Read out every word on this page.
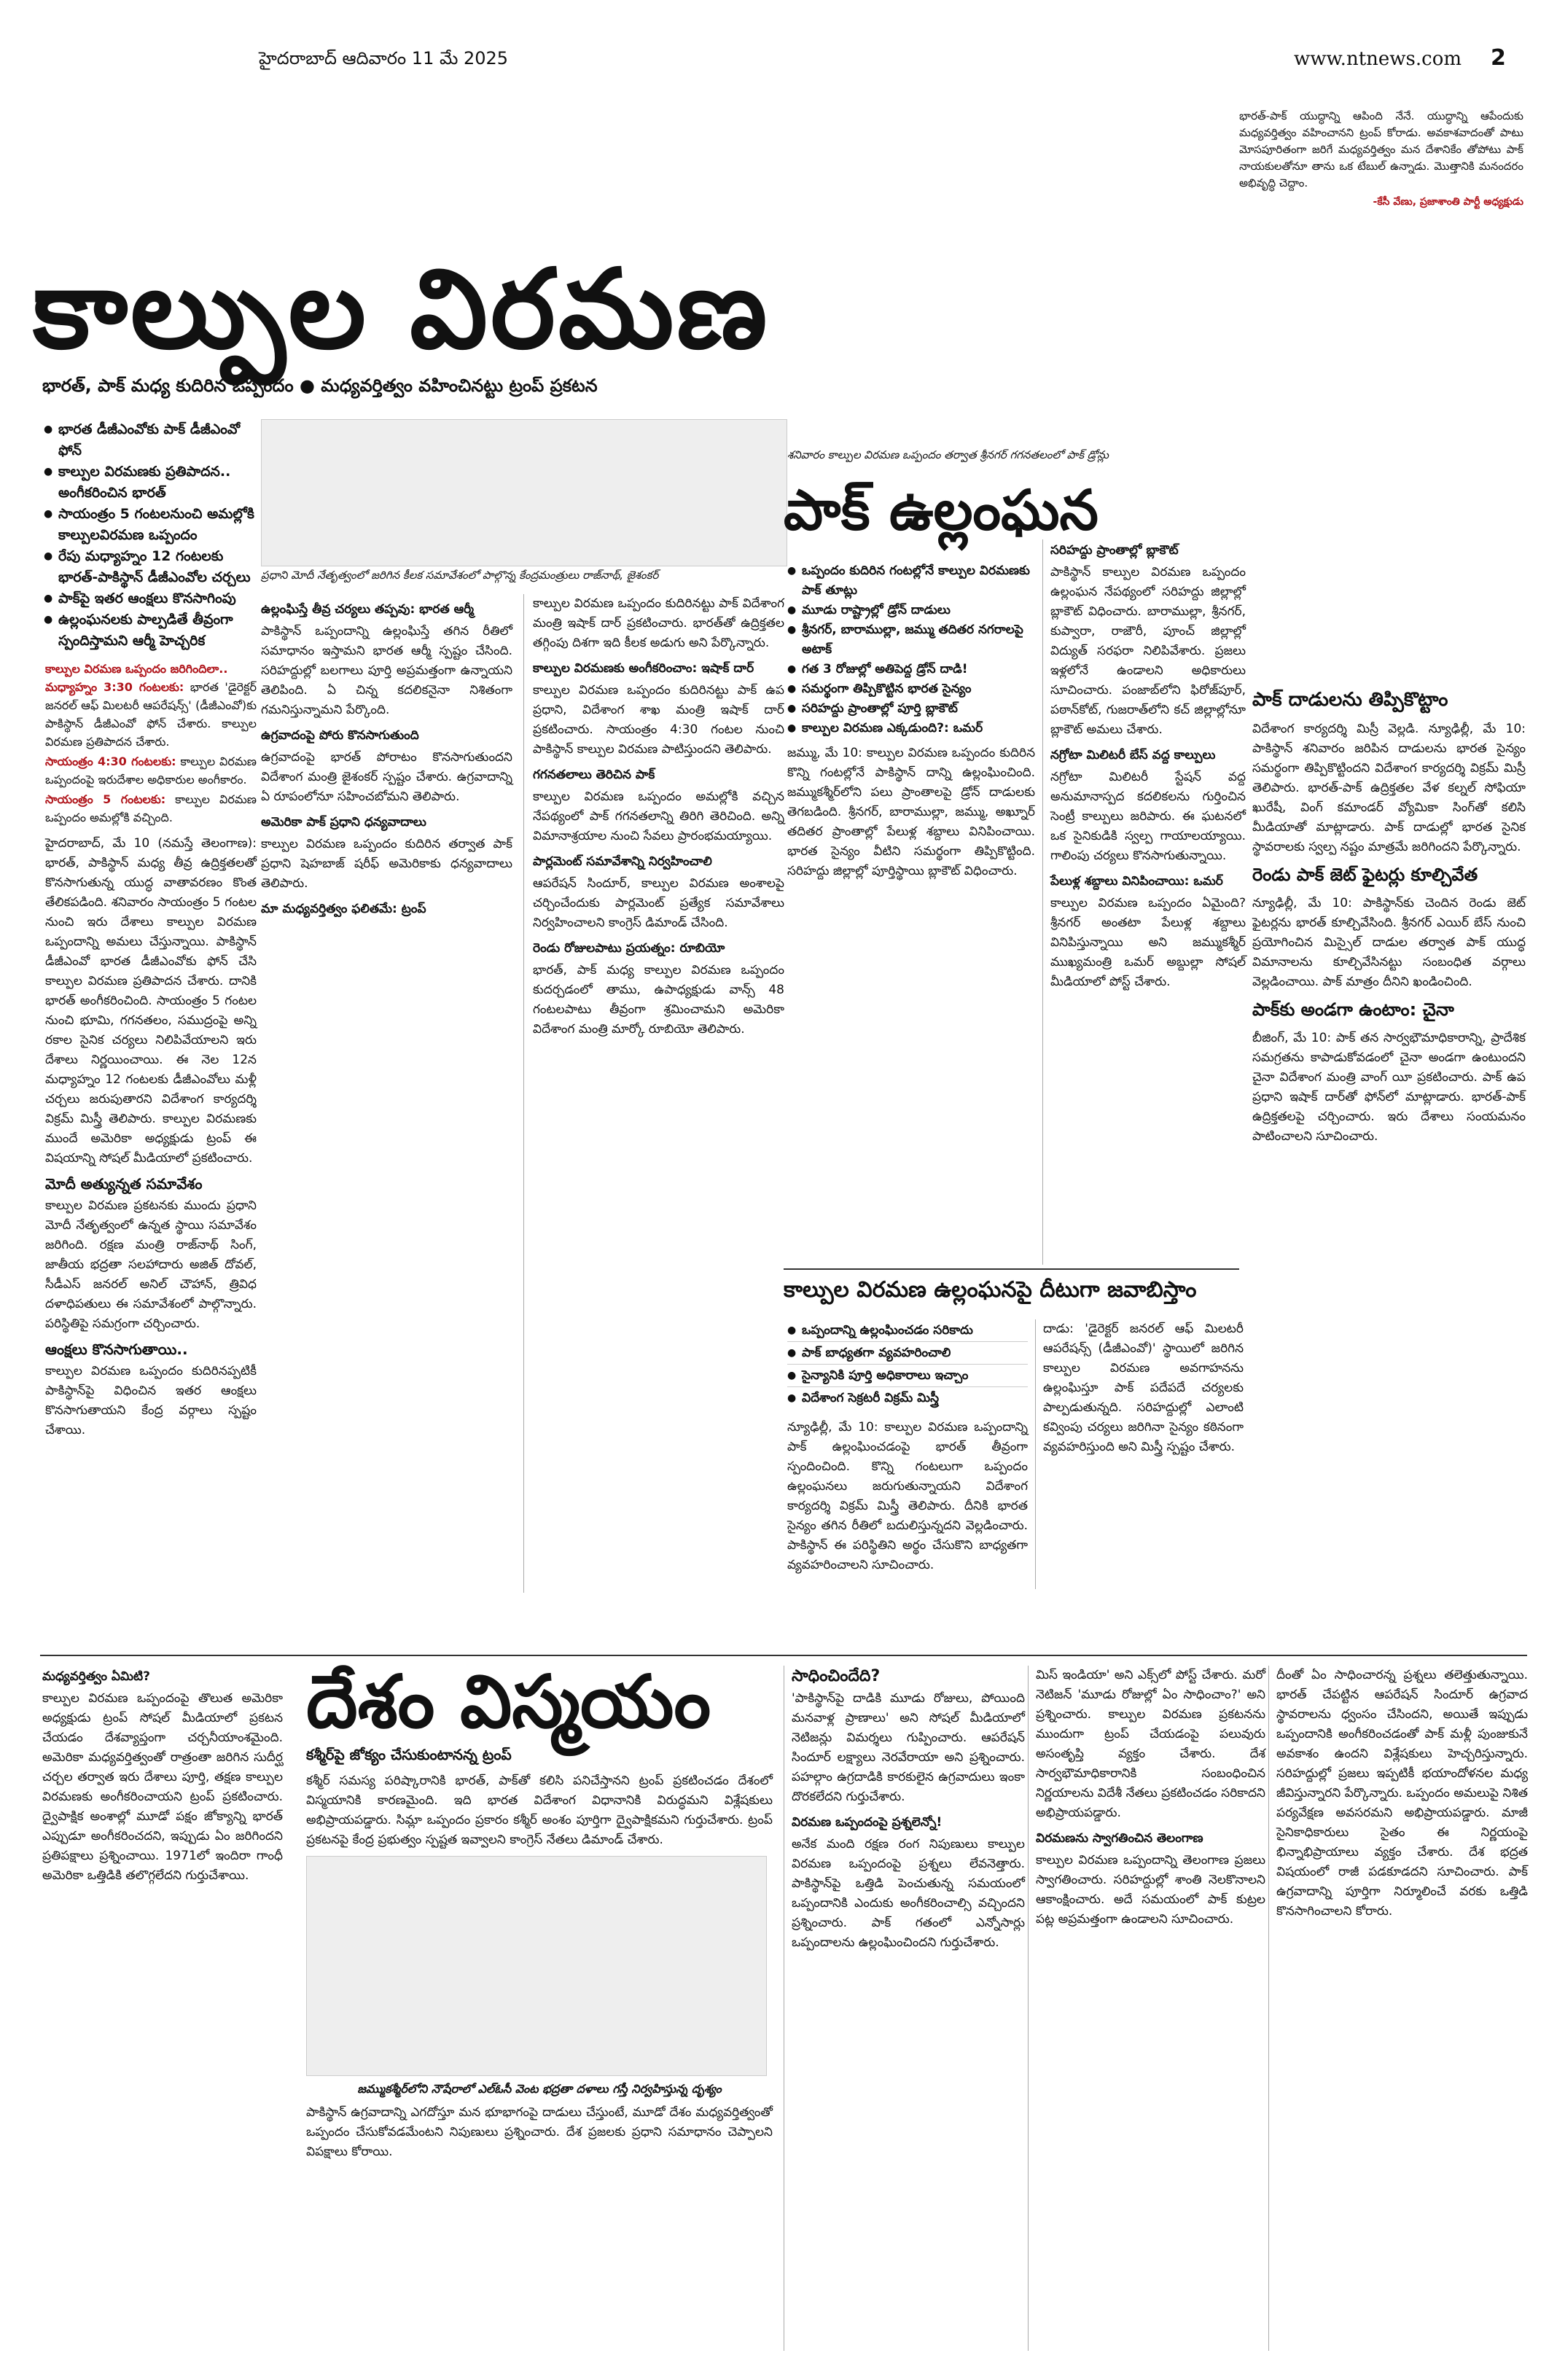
హైదరాబాద్ ఆదివారం 11 మే 2025	www.ntnews.com 2

భారత్-పాక్ యుద్ధాన్ని ఆపింది నేనే. యుద్ధాన్ని ఆపేందుకు మధ్యవర్తిత్వం వహించానని ట్రంప్ కోరాడు. అవకాశవాదంతో పాటు మోసపూరితంగా జరిగే మధ్యవర్తిత్వం మన దేశానికేం తోపోటు పాక్ నాయకులతోనూ తాను ఒక టేబుల్ ఉన్నాడు. మొత్తానికి మనందరం అభివృద్ధి చెద్దాం.

-కేసీ వేణు, ప్రజాశాంతి పార్టీ అధ్యక్షుడు

కాల్పుల విరమణ
భారత్, పాక్ మధ్య కుదిరిన ఒప్పందం ● మధ్యవర్తిత్వం వహించినట్టు ట్రంప్ ప్రకటన
● భారత డీజీఎంవోకు పాక్ డీజీఎంవో ఫోన్
● కాల్పుల విరమణకు ప్రతిపాదన.. అంగీకరించిన భారత్
● సాయంత్రం 5 గంటలనుంచి అమల్లోకి కాల్పులవిరమణ ఒప్పందం
● రేపు మధ్యాహ్నం 12 గంటలకు భారత్-పాకిస్థాన్ డీజీఎంవోల చర్చలు
● పాక్‌పై ఇతర ఆంక్షలు కొనసాగింపు
● ఉల్లంఘనలకు పాల్పడితే తీవ్రంగా స్పందిస్తామని ఆర్మీ హెచ్చరిక

కాల్పుల విరమణ ఒప్పందం జరిగిందిలా..

మధ్యాహ్నం 3:30 గంటలకు: భారత 'డైరెక్టర్ జనరల్ ఆఫ్ మిలటరీ ఆపరేషన్స్' (డీజీఎంవో)కు పాకిస్థాన్ డీజీఎంవో ఫోన్ చేశారు. కాల్పుల విరమణ ప్రతిపాదన చేశారు.

సాయంత్రం 4:30 గంటలకు: కాల్పుల విరమణ ఒప్పందంపై ఇరుదేశాల అధికారుల అంగీకారం.

సాయంత్రం 5 గంటలకు: కాల్పుల విరమణ ఒప్పందం అమల్లోకి వచ్చింది.

హైదరాబాద్, మే 10 (నమస్తే తెలంగాణ): భారత్, పాకిస్థాన్ మధ్య తీవ్ర ఉద్రిక్తతలతో కొనసాగుతున్న యుద్ధ వాతావరణం కొంత తేలికపడింది. శనివారం సాయంత్రం 5 గంటల నుంచి ఇరు దేశాలు కాల్పుల విరమణ ఒప్పందాన్ని అమలు చేస్తున్నాయి. పాకిస్థాన్ డీజీఎంవో భారత డీజీఎంవోకు ఫోన్ చేసి కాల్పుల విరమణ ప్రతిపాదన చేశారు. దానికి భారత్ అంగీకరించింది. సాయంత్రం 5 గంటల నుంచి భూమి, గగనతలం, సముద్రంపై అన్ని రకాల సైనిక చర్యలు నిలిపివేయాలని ఇరు దేశాలు నిర్ణయించాయి. ఈ నెల 12న మధ్యాహ్నం 12 గంటలకు డీజీఎంవోలు మళ్లీ చర్చలు జరుపుతారని విదేశాంగ కార్యదర్శి విక్రమ్ మిస్త్రీ తెలిపారు. కాల్పుల విరమణకు ముందే అమెరికా అధ్యక్షుడు ట్రంప్ ఈ విషయాన్ని సోషల్ మీడియాలో ప్రకటించారు.

మోదీ అత్యున్నత సమావేశం

కాల్పుల విరమణ ప్రకటనకు ముందు ప్రధాని మోదీ నేతృత్వంలో ఉన్నత స్థాయి సమావేశం జరిగింది. రక్షణ మంత్రి రాజ్‌నాథ్ సింగ్, జాతీయ భద్రతా సలహాదారు అజిత్ దోవల్, సీడీఎస్ జనరల్ అనిల్ చౌహాన్, త్రివిధ దళాధిపతులు ఈ సమావేశంలో పాల్గొన్నారు. పరిస్థితిపై సమగ్రంగా చర్చించారు.

ఆంక్షలు కొనసాగుతాయి..

కాల్పుల విరమణ ఒప్పందం కుదిరినప్పటికీ పాకిస్థాన్‌పై విధించిన ఇతర ఆంక్షలు కొనసాగుతాయని కేంద్ర వర్గాలు స్పష్టం చేశాయి.

ప్రధాని మోదీ నేతృత్వంలో జరిగిన కీలక సమావేశంలో పాల్గొన్న కేంద్రమంత్రులు రాజ్‌నాథ్, జైశంకర్

ఉల్లంఘిస్తే తీవ్ర చర్యలు తప్పవు: భారత ఆర్మీ

పాకిస్థాన్ ఒప్పందాన్ని ఉల్లంఘిస్తే తగిన రీతిలో సమాధానం ఇస్తామని భారత ఆర్మీ స్పష్టం చేసింది. సరిహద్దుల్లో బలగాలు పూర్తి అప్రమత్తంగా ఉన్నాయని తెలిపింది. ఏ చిన్న కదలికనైనా నిశితంగా గమనిస్తున్నామని పేర్కొంది.

ఉగ్రవాదంపై పోరు కొనసాగుతుంది

ఉగ్రవాదంపై భారత్ పోరాటం కొనసాగుతుందని విదేశాంగ మంత్రి జైశంకర్ స్పష్టం చేశారు. ఉగ్రవాదాన్ని ఏ రూపంలోనూ సహించబోమని తెలిపారు.

అమెరికా పాక్ ప్రధాని ధన్యవాదాలు

కాల్పుల విరమణ ఒప్పందం కుదిరిన తర్వాత పాక్ ప్రధాని షెహబాజ్ షరీఫ్ అమెరికాకు ధన్యవాదాలు తెలిపారు.

మా మధ్యవర్తిత్వం ఫలితమే: ట్రంప్

కాల్పుల విరమణ ఒప్పందం కుదిరినట్టు పాక్ విదేశాంగ మంత్రి ఇషాక్ దార్ ప్రకటించారు. భారత్‌తో ఉద్రిక్తతల తగ్గింపు దిశగా ఇది కీలక అడుగు అని పేర్కొన్నారు.

కాల్పుల విరమణకు అంగీకరించాం: ఇషాక్ దార్

కాల్పుల విరమణ ఒప్పందం కుదిరినట్టు పాక్ ఉప ప్రధాని, విదేశాంగ శాఖ మంత్రి ఇషాక్ దార్ ప్రకటించారు. సాయంత్రం 4:30 గంటల నుంచి పాకిస్థాన్ కాల్పుల విరమణ పాటిస్తుందని తెలిపారు.

గగనతలాలు తెరిచిన పాక్

కాల్పుల విరమణ ఒప్పందం అమల్లోకి వచ్చిన నేపథ్యంలో పాక్ గగనతలాన్ని తిరిగి తెరిచింది. అన్ని విమానాశ్రయాల నుంచి సేవలు ప్రారంభమయ్యాయి.

పార్లమెంట్ సమావేశాన్ని నిర్వహించాలి

ఆపరేషన్ సిందూర్, కాల్పుల విరమణ అంశాలపై చర్చించేందుకు పార్లమెంట్ ప్రత్యేక సమావేశాలు నిర్వహించాలని కాంగ్రెస్ డిమాండ్ చేసింది.

రెండు రోజులపాటు ప్రయత్నం: రూబియో

భారత్, పాక్ మధ్య కాల్పుల విరమణ ఒప్పందం కుదర్చడంలో తాము, ఉపాధ్యక్షుడు వాన్స్ 48 గంటలపాటు తీవ్రంగా శ్రమించామని అమెరికా విదేశాంగ మంత్రి మార్కో రూబియో తెలిపారు.

శనివారం కాల్పుల విరమణ ఒప్పందం తర్వాత శ్రీనగర్ గగనతలంలో పాక్ డ్రోన్లు
పాక్ ఉల్లంఘన
● ఒప్పందం కుదిరిన గంటల్లోనే కాల్పుల విరమణకు పాక్ తూట్లు
● మూడు రాష్ట్రాల్లో డ్రోన్ దాడులు
● శ్రీనగర్, బారాముల్లా, జమ్ము తదితర నగరాలపై అటాక్
● గత 3 రోజుల్లో అతిపెద్ద డ్రోన్ దాడి!
● సమర్థంగా తిప్పికొట్టిన భారత సైన్యం
● సరిహద్దు ప్రాంతాల్లో పూర్తి బ్లాకౌట్
● కాల్పుల విరమణ ఎక్కడుంది?: ఒమర్

జమ్ము, మే 10: కాల్పుల విరమణ ఒప్పందం కుదిరిన కొన్ని గంటల్లోనే పాకిస్థాన్ దాన్ని ఉల్లంఘించింది. జమ్ముకశ్మీర్‌లోని పలు ప్రాంతాలపై డ్రోన్ దాడులకు తెగబడింది. శ్రీనగర్, బారాముల్లా, జమ్ము, అఖ్నూర్ తదితర ప్రాంతాల్లో పేలుళ్ల శబ్దాలు వినిపించాయి. భారత సైన్యం వీటిని సమర్థంగా తిప్పికొట్టింది. సరిహద్దు జిల్లాల్లో పూర్తిస్థాయి బ్లాకౌట్ విధించారు.

సరిహద్దు ప్రాంతాల్లో బ్లాకౌట్

పాకిస్థాన్ కాల్పుల విరమణ ఒప్పందం ఉల్లంఘన నేపథ్యంలో సరిహద్దు జిల్లాల్లో బ్లాకౌట్ విధించారు. బారాముల్లా, శ్రీనగర్, కుప్వారా, రాజౌరీ, పూంచ్ జిల్లాల్లో విద్యుత్ సరఫరా నిలిపివేశారు. ప్రజలు ఇళ్లలోనే ఉండాలని అధికారులు సూచించారు. పంజాబ్‌లోని ఫిరోజ్‌పూర్, పఠాన్‌కోట్, గుజరాత్‌లోని కచ్ జిల్లాల్లోనూ బ్లాకౌట్ అమలు చేశారు.

నగ్రోటా మిలిటరీ బేస్ వద్ద కాల్పులు

నగ్రోటా మిలిటరీ స్టేషన్ వద్ద అనుమానాస్పద కదలికలను గుర్తించిన సెంట్రీ కాల్పులు జరిపారు. ఈ ఘటనలో ఒక సైనికుడికి స్వల్ప గాయాలయ్యాయి. గాలింపు చర్యలు కొనసాగుతున్నాయి.

పేలుళ్ల శబ్దాలు వినిపించాయి: ఒమర్

కాల్పుల విరమణ ఒప్పందం ఏమైంది? శ్రీనగర్ అంతటా పేలుళ్ల శబ్దాలు వినిపిస్తున్నాయి అని జమ్ముకశ్మీర్ ముఖ్యమంత్రి ఒమర్ అబ్దుల్లా సోషల్ మీడియాలో పోస్ట్ చేశారు.

కాల్పుల విరమణ ఉల్లంఘనపై దీటుగా జవాబిస్తాం
● ఒప్పందాన్ని ఉల్లంఘించడం సరికాదు
● పాక్ బాధ్యతగా వ్యవహరించాలి
● సైన్యానికి పూర్తి అధికారాలు ఇచ్చాం
● విదేశాంగ సెక్రటరీ విక్రమ్ మిస్త్రీ

న్యూఢిల్లీ, మే 10: కాల్పుల విరమణ ఒప్పందాన్ని పాక్ ఉల్లంఘించడంపై భారత్ తీవ్రంగా స్పందించింది. కొన్ని గంటలుగా ఒప్పందం ఉల్లంఘనలు జరుగుతున్నాయని విదేశాంగ కార్యదర్శి విక్రమ్ మిస్త్రీ తెలిపారు. దీనికి భారత సైన్యం తగిన రీతిలో బదులిస్తున్నదని వెల్లడించారు. పాకిస్థాన్ ఈ పరిస్థితిని అర్థం చేసుకొని బాధ్యతగా వ్యవహరించాలని సూచించారు.

దాడు: 'డైరెక్టర్ జనరల్ ఆఫ్ మిలటరీ ఆపరేషన్స్ (డీజీఎంవో)' స్థాయిలో జరిగిన కాల్పుల విరమణ అవగాహనను ఉల్లంఘిస్తూ పాక్ పదేపదే చర్యలకు పాల్పడుతున్నది. సరిహద్దుల్లో ఎలాంటి కవ్వింపు చర్యలు జరిగినా సైన్యం కఠినంగా వ్యవహరిస్తుంది అని మిస్త్రీ స్పష్టం చేశారు.

పాక్ దాడులను తిప్పికొట్టాం

విదేశాంగ కార్యదర్శి మిస్రీ వెల్లడి. న్యూఢిల్లీ, మే 10: పాకిస్థాన్ శనివారం జరిపిన దాడులను భారత సైన్యం సమర్థంగా తిప్పికొట్టిందని విదేశాంగ కార్యదర్శి విక్రమ్ మిస్రీ తెలిపారు. భారత్-పాక్ ఉద్రిక్తతల వేళ కల్నల్ సోఫియా ఖురేషీ, వింగ్ కమాండర్ వ్యోమికా సింగ్‌తో కలిసి మీడియాతో మాట్లాడారు. పాక్ దాడుల్లో భారత సైనిక స్థావరాలకు స్వల్ప నష్టం మాత్రమే జరిగిందని పేర్కొన్నారు.

రెండు పాక్ జెట్ ఫైటర్లు కూల్చివేత

న్యూఢిల్లీ, మే 10: పాకిస్థాన్‌కు చెందిన రెండు జెట్ ఫైటర్లను భారత్ కూల్చివేసింది. శ్రీనగర్ ఎయిర్ బేస్ నుంచి ప్రయోగించిన మిస్సైల్ దాడుల తర్వాత పాక్ యుద్ధ విమానాలను కూల్చివేసినట్టు సంబంధిత వర్గాలు వెల్లడించాయి. పాక్ మాత్రం దీనిని ఖండించింది.

పాక్‌కు అండగా ఉంటాం: చైనా

బీజింగ్, మే 10: పాక్ తన సార్వభౌమాధికారాన్ని, ప్రాదేశిక సమగ్రతను కాపాడుకోవడంలో చైనా అండగా ఉంటుందని చైనా విదేశాంగ మంత్రి వాంగ్ యీ ప్రకటించారు. పాక్ ఉప ప్రధాని ఇషాక్ దార్‌తో ఫోన్‌లో మాట్లాడారు. భారత్-పాక్ ఉద్రిక్తతలపై చర్చించారు. ఇరు దేశాలు సంయమనం పాటించాలని సూచించారు.

మధ్యవర్తిత్వం ఏమిటి?

కాల్పుల విరమణ ఒప్పందంపై తొలుత అమెరికా అధ్యక్షుడు ట్రంప్ సోషల్ మీడియాలో ప్రకటన చేయడం దేశవ్యాప్తంగా చర్చనీయాంశమైంది. అమెరికా మధ్యవర్తిత్వంతో రాత్రంతా జరిగిన సుదీర్ఘ చర్చల తర్వాత ఇరు దేశాలు పూర్తి, తక్షణ కాల్పుల విరమణకు అంగీకరించాయని ట్రంప్ ప్రకటించారు. ద్వైపాక్షిక అంశాల్లో మూడో పక్షం జోక్యాన్ని భారత్ ఎప్పుడూ అంగీకరించదని, ఇప్పుడు ఏం జరిగిందని ప్రతిపక్షాలు ప్రశ్నించాయి. 1971లో ఇందిరా గాంధీ అమెరికా ఒత్తిడికి తలొగ్గలేదని గుర్తుచేశాయి.

దేశం విస్మయం
కశ్మీర్‌పై జోక్యం చేసుకుంటానన్న ట్రంప్

కశ్మీర్ సమస్య పరిష్కారానికి భారత్, పాక్‌తో కలిసి పనిచేస్తానని ట్రంప్ ప్రకటించడం దేశంలో విస్మయానికి కారణమైంది. ఇది భారత విదేశాంగ విధానానికి విరుద్ధమని విశ్లేషకులు అభిప్రాయపడ్డారు. సిమ్లా ఒప్పందం ప్రకారం కశ్మీర్ అంశం పూర్తిగా ద్వైపాక్షికమని గుర్తుచేశారు. ట్రంప్ ప్రకటనపై కేంద్ర ప్రభుత్వం స్పష్టత ఇవ్వాలని కాంగ్రెస్ నేతలు డిమాండ్ చేశారు.

జమ్ముకశ్మీర్‌లోని నౌషేరాలో ఎల్‌ఓసీ వెంట భద్రతా దళాలు గస్తీ నిర్వహిస్తున్న దృశ్యం

పాకిస్థాన్ ఉగ్రవాదాన్ని ఎగదోస్తూ మన భూభాగంపై దాడులు చేస్తుంటే, మూడో దేశం మధ్యవర్తిత్వంతో ఒప్పందం చేసుకోవడమేంటని నిపుణులు ప్రశ్నించారు. దేశ ప్రజలకు ప్రధాని సమాధానం చెప్పాలని విపక్షాలు కోరాయి.

సాధించిందేది?

'పాకిస్థాన్‌పై దాడికి మూడు రోజులు, పోయింది మనవాళ్ల ప్రాణాలు' అని సోషల్ మీడియాలో నెటిజన్లు విమర్శలు గుప్పించారు. ఆపరేషన్ సిందూర్ లక్ష్యాలు నెరవేరాయా అని ప్రశ్నించారు. పహల్గాం ఉగ్రదాడికి కారకులైన ఉగ్రవాదులు ఇంకా దొరకలేదని గుర్తుచేశారు.

విరమణ ఒప్పందంపై ప్రశ్నలెన్నో!

అనేక మంది రక్షణ రంగ నిపుణులు కాల్పుల విరమణ ఒప్పందంపై ప్రశ్నలు లేవనెత్తారు. పాకిస్థాన్‌పై ఒత్తిడి పెంచుతున్న సమయంలో ఒప్పందానికి ఎందుకు అంగీకరించాల్సి వచ్చిందని ప్రశ్నించారు. పాక్ గతంలో ఎన్నోసార్లు ఒప్పందాలను ఉల్లంఘించిందని గుర్తుచేశారు.

మిస్ ఇండియా' అని ఎక్స్‌లో పోస్ట్ చేశారు. మరో నెటిజన్ 'మూడు రోజుల్లో ఏం సాధించాం?' అని ప్రశ్నించారు. కాల్పుల విరమణ ప్రకటనను ముందుగా ట్రంప్ చేయడంపై పలువురు అసంతృప్తి వ్యక్తం చేశారు. దేశ సార్వభౌమాధికారానికి సంబంధించిన నిర్ణయాలను విదేశీ నేతలు ప్రకటించడం సరికాదని అభిప్రాయపడ్డారు.

విరమణను స్వాగతించిన తెలంగాణ

కాల్పుల విరమణ ఒప్పందాన్ని తెలంగాణ ప్రజలు స్వాగతించారు. సరిహద్దుల్లో శాంతి నెలకొనాలని ఆకాంక్షించారు. అదే సమయంలో పాక్ కుట్రల పట్ల అప్రమత్తంగా ఉండాలని సూచించారు.

దీంతో ఏం సాధించారన్న ప్రశ్నలు తలెత్తుతున్నాయి. భారత్ చేపట్టిన ఆపరేషన్ సిందూర్ ఉగ్రవాద స్థావరాలను ధ్వంసం చేసిందని, అయితే ఇప్పుడు ఒప్పందానికి అంగీకరించడంతో పాక్ మళ్లీ పుంజుకునే అవకాశం ఉందని విశ్లేషకులు హెచ్చరిస్తున్నారు. సరిహద్దుల్లో ప్రజలు ఇప్పటికీ భయాందోళనల మధ్య జీవిస్తున్నారని పేర్కొన్నారు. ఒప్పందం అమలుపై నిశిత పర్యవేక్షణ అవసరమని అభిప్రాయపడ్డారు. మాజీ సైనికాధికారులు సైతం ఈ నిర్ణయంపై భిన్నాభిప్రాయాలు వ్యక్తం చేశారు. దేశ భద్రత విషయంలో రాజీ పడకూడదని సూచించారు. పాక్ ఉగ్రవాదాన్ని పూర్తిగా నిర్మూలించే వరకు ఒత్తిడి కొనసాగించాలని కోరారు.
